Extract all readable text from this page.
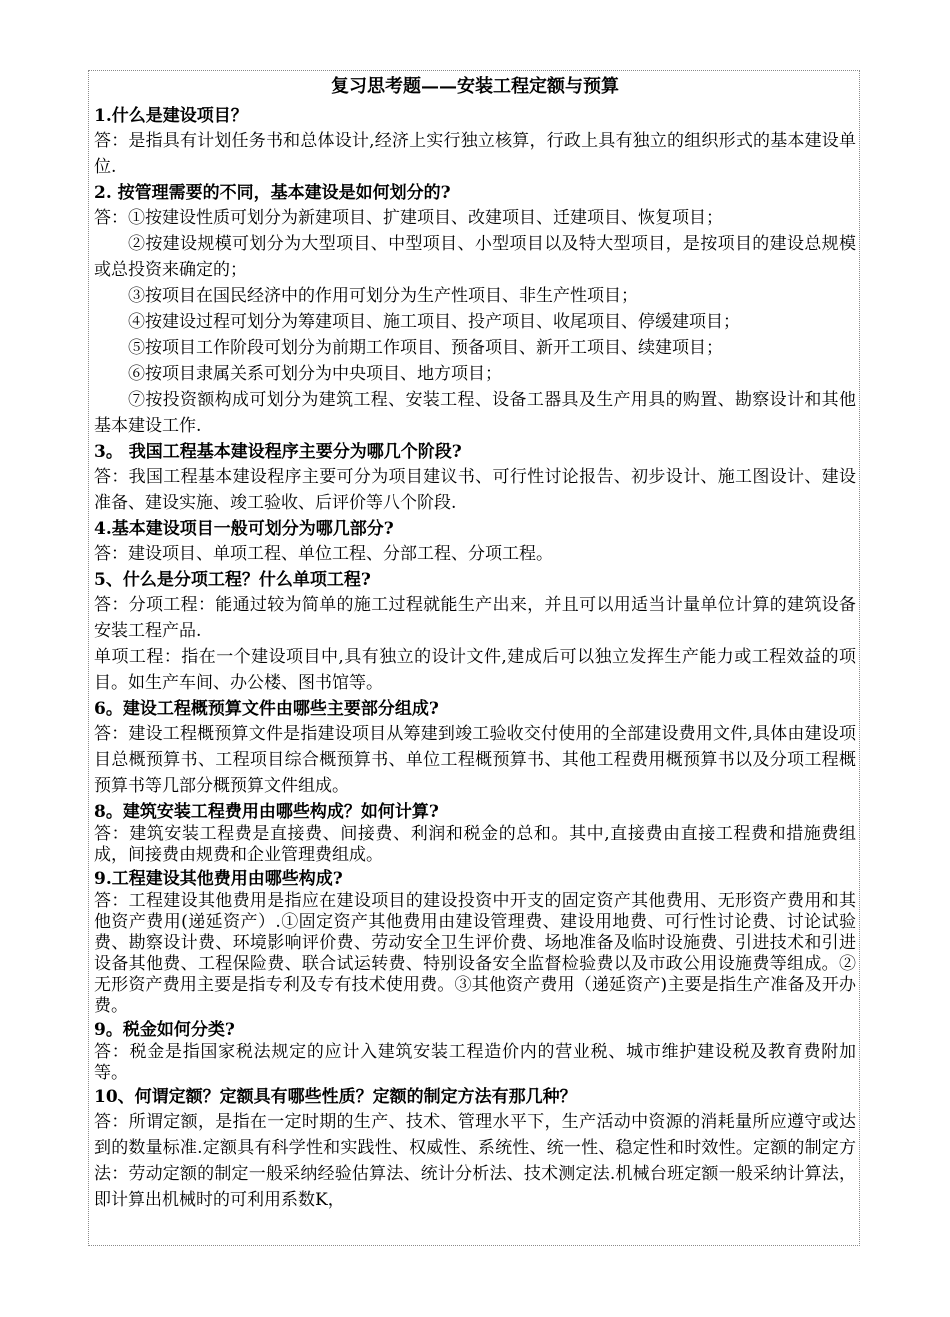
复习思考题——安装工程定额与预算
1.什么是建设项目？
答：是指具有计划任务书和总体设计,经济上实行独立核算，行政上具有独立的组织形式的基本建设单位.
2. 按管理需要的不同，基本建设是如何划分的?
答：①按建设性质可划分为新建项目、扩建项目、改建项目、迁建项目、恢复项目；
②按建设规模可划分为大型项目、中型项目、小型项目以及特大型项目，是按项目的建设总规模或总投资来确定的；
③按项目在国民经济中的作用可划分为生产性项目、非生产性项目；
④按建设过程可划分为筹建项目、施工项目、投产项目、收尾项目、停缓建项目；
⑤按项目工作阶段可划分为前期工作项目、预备项目、新开工项目、续建项目；
⑥按项目隶属关系可划分为中央项目、地方项目；
⑦按投资额构成可划分为建筑工程、安装工程、设备工器具及生产用具的购置、勘察设计和其他基本建设工作.
3。 我国工程基本建设程序主要分为哪几个阶段?
答：我国工程基本建设程序主要可分为项目建议书、可行性讨论报告、初步设计、施工图设计、建设准备、建设实施、竣工验收、后评价等八个阶段.
4.基本建设项目一般可划分为哪几部分?
答：建设项目、单项工程、单位工程、分部工程、分项工程。
5、什么是分项工程？什么单项工程?
答：分项工程：能通过较为简单的施工过程就能生产出来，并且可以用适当计量单位计算的建筑设备安装工程产品.
单项工程：指在一个建设项目中,具有独立的设计文件,建成后可以独立发挥生产能力或工程效益的项目。如生产车间、办公楼、图书馆等。
6。建设工程概预算文件由哪些主要部分组成?
答：建设工程概预算文件是指建设项目从筹建到竣工验收交付使用的全部建设费用文件,具体由建设项目总概预算书、工程项目综合概预算书、单位工程概预算书、其他工程费用概预算书以及分项工程概预算书等几部分概预算文件组成。
8。建筑安装工程费用由哪些构成？如何计算?
答：建筑安装工程费是直接费、间接费、利润和税金的总和。其中,直接费由直接工程费和措施费组成，间接费由规费和企业管理费组成。
9.工程建设其他费用由哪些构成?
答：工程建设其他费用是指应在建设项目的建设投资中开支的固定资产其他费用、无形资产费用和其他资产费用(递延资产）.①固定资产其他费用由建设管理费、建设用地费、可行性讨论费、讨论试验费、勘察设计费、环境影响评价费、劳动安全卫生评价费、场地准备及临时设施费、引进技术和引进设备其他费、工程保险费、联合试运转费、特别设备安全监督检验费以及市政公用设施费等组成。②无形资产费用主要是指专利及专有技术使用费。③其他资产费用（递延资产)主要是指生产准备及开办费。
9。税金如何分类?
答：税金是指国家税法规定的应计入建筑安装工程造价内的营业税、城市维护建设税及教育费附加等。
10、何谓定额？定额具有哪些性质？定额的制定方法有那几种？
答：所谓定额，是指在一定时期的生产、技术、管理水平下，生产活动中资源的消耗量所应遵守或达到的数量标准.定额具有科学性和实践性、权威性、系统性、统一性、稳定性和时效性。定额的制定方法：劳动定额的制定一般采纳经验估算法、统计分析法、技术测定法.机械台班定额一般采纳计算法，即计算出机械时的可利用系数K，
